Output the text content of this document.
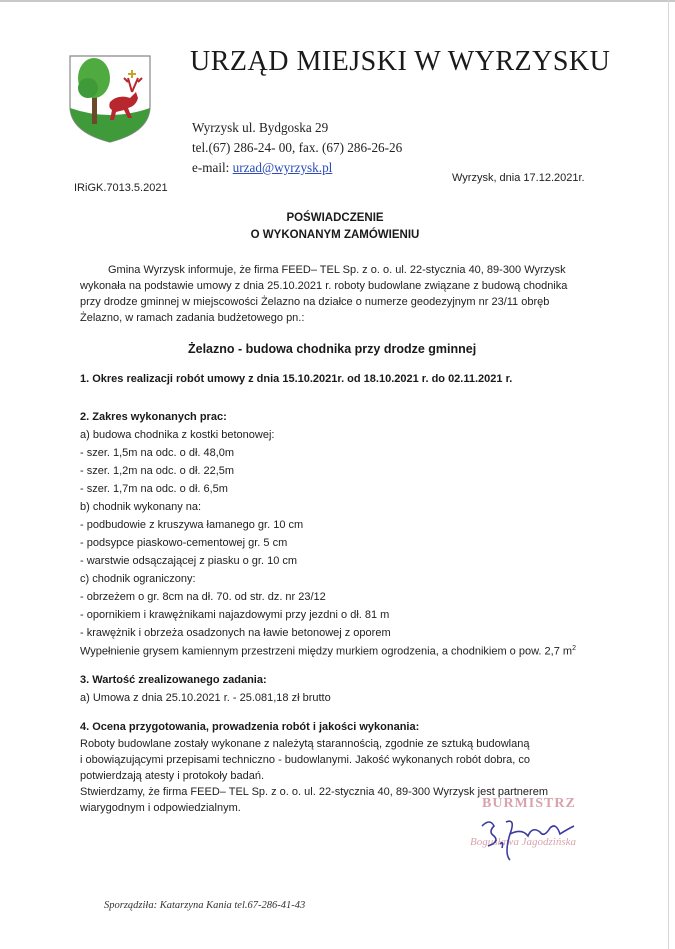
URZĄD MIEJSKI W WYRZYSKU
Wyrzysk ul. Bydgoska 29
tel.(67) 286-24- 00, fax. (67) 286-26-26
e-mail: urzad@wyrzysk.pl
IRiGK.7013.5.2021
Wyrzysk, dnia 17.12.2021r.
POŚWIADCZENIE
O WYKONANYM ZAMÓWIENIU
Gmina Wyrzysk informuje, że firma FEED– TEL Sp. z o. o. ul. 22-stycznia 40, 89-300 Wyrzysk
wykonała na podstawie umowy z dnia 25.10.2021 r. roboty budowlane związane z budową chodnika
przy drodze gminnej w miejscowości Żelazno na działce o numerze geodezyjnym nr 23/11 obręb
Żelazno, w ramach zadania budżetowego pn.:
Żelazno - budowa chodnika przy drodze gminnej
1. Okres realizacji robót umowy z dnia 15.10.2021r. od 18.10.2021 r. do 02.11.2021 r.
2. Zakres wykonanych prac:
a) budowa chodnika z kostki betonowej:
- szer. 1,5m na odc. o dł. 48,0m
- szer. 1,2m na odc. o dł. 22,5m
- szer. 1,7m na odc. o dł. 6,5m
b) chodnik wykonany na:
- podbudowie z kruszywa łamanego gr. 10 cm
- podsypce piaskowo-cementowej gr. 5 cm
- warstwie odsączającej z piasku o gr. 10 cm
c) chodnik ograniczony:
- obrzeżem o gr. 8cm na dł. 70. od str. dz. nr 23/12
- opornikiem i krawężnikami najazdowymi przy jezdni o dł. 81 m
- krawężnik i obrzeża osadzonych na ławie betonowej z oporem
Wypełnienie grysem kamiennym przestrzeni między murkiem ogrodzenia, a chodnikiem o pow. 2,7 $m^2$
3. Wartość zrealizowanego zadania:
a) Umowa z dnia 25.10.2021 r. - 25.081,18 zł brutto
4. Ocena przygotowania, prowadzenia robót i jakości wykonania:
Roboty budowlane zostały wykonane z należytą starannością, zgodnie ze sztuką budowlaną
i obowiązującymi przepisami techniczno - budowlanymi. Jakość wykonanych robót dobra, co
potwierdzają atesty i protokoły badań.
Stwierdzamy, że firma FEED– TEL Sp. z o. o. ul. 22-stycznia 40, 89-300 Wyrzysk jest partnerem
wiarygodnym i odpowiedzialnym.	BURMISTRZ
Bogusława Jagodzińska
Sporządziła: Katarzyna Kania tel.67-286-41-43
